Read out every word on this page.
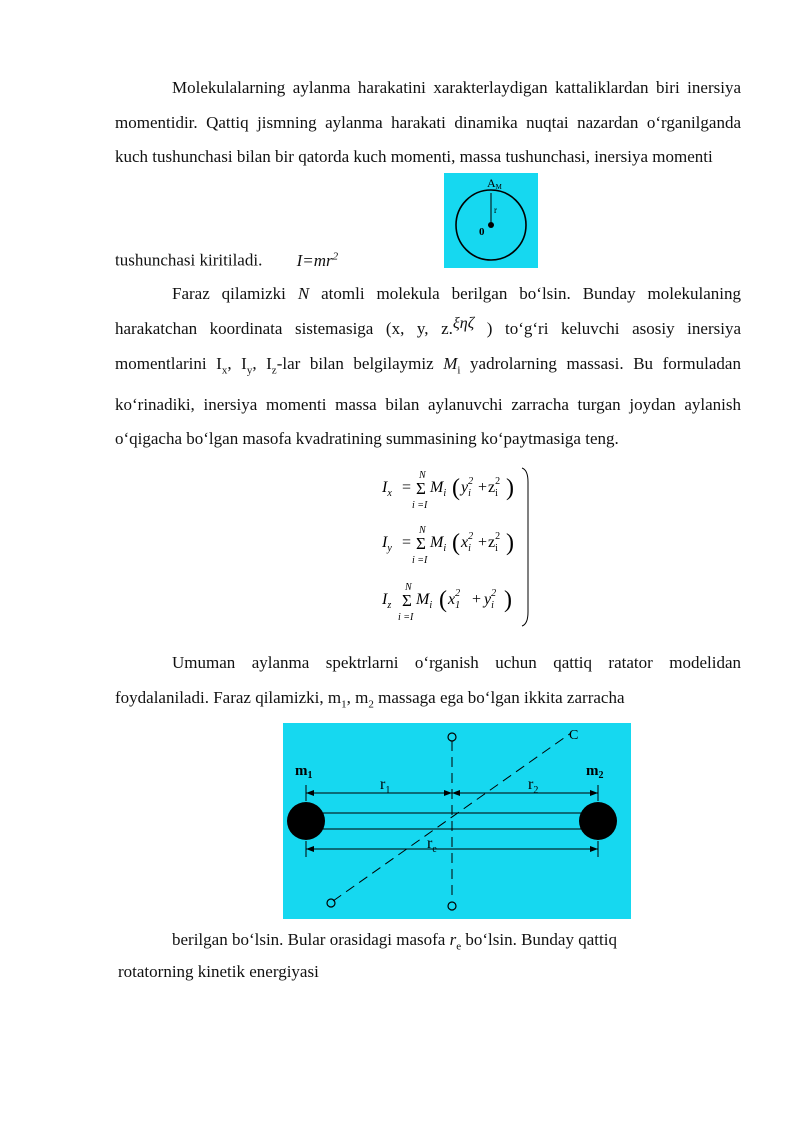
Molekulalarning aylanma harakatini xarakterlaydigan kattaliklardan biri inersiya momentidir. Qattiq jismning aylanma harakati dinamika nuqtai nazardan o‘rganilganda kuch tushunchasi bilan bir qatorda kuch momenti, massa tushunchasi, inersiya momenti

tushunchasi kiritiladi. $I=mr^2$
AM
r
0

Faraz qilamizki N atomli molekula berilgan bo‘lsin. Bunday molekulaning harakatchan koordinata sistemasiga (x, y, z.ξηζ ) to‘g‘ri keluvchi asosiy inersiya momentlarini $I_x$, $I_y$, $I_z$-lar bilan belgilaymiz $M_i$ yadrolarning massasi. Bu formuladan ko‘rinadiki, inersiya momenti massa bilan aylanuvchi zarracha turgan joydan aylanish o‘qigacha bo‘lgan masofa kvadratining summasining ko‘paytmasiga teng.

$I_x$ =
N
Σ
i =I
$M_i$ ( $y^2$ $i + z^2$ i )
$I_y$ =
N
Σ
i =I
$M_i$ ( $x^2$ $i + z^2$ i )
$I_z$
N
Σ
i =I
$M_i$ ( $x^2$ $1 + y^2$ i )

Umuman aylanma spektrlarni o‘rganish uchun qattiq ratator modelidan foydalaniladi. Faraz qilamizki, $m_1$, $m_2$ massaga ega bo‘lgan ikkita zarracha

C
$m_1$	$m_2$
$r_1$	$r_2$
$r_e$
berilgan bo‘lsin. Bular orasidagi masofa $r_e$ bo‘lsin. Bunday qattiq
rotatorning kinetik energiyasi
